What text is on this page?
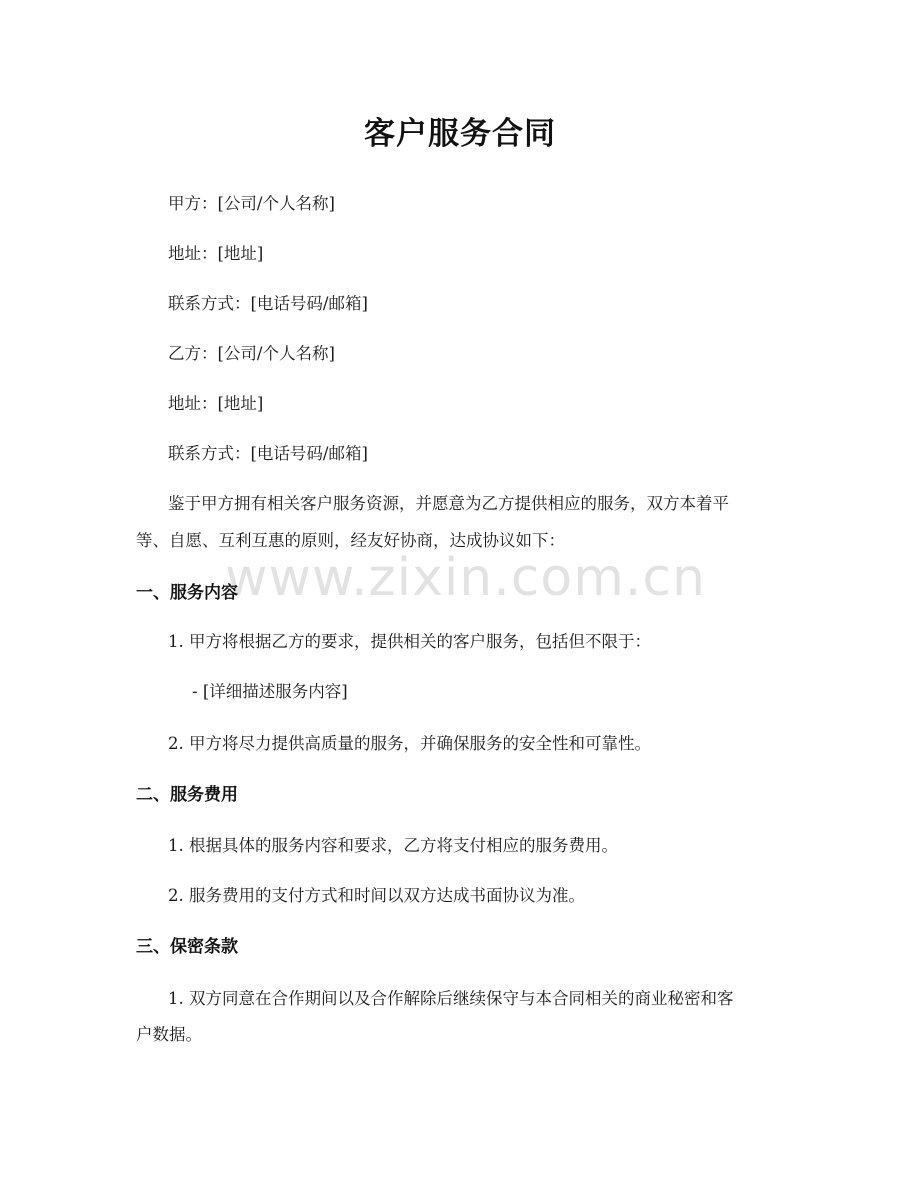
客户服务合同
甲方：[公司/个人名称]
地址：[地址]
联系方式：[电话号码/邮箱]
乙方：[公司/个人名称]
地址：[地址]
联系方式：[电话号码/邮箱]
鉴于甲方拥有相关客户服务资源，并愿意为乙方提供相应的服务，双方本着平
等、自愿、互利互惠的原则，经友好协商，达成协议如下：
www.zixin.com.cn
一、服务内容
1. 甲方将根据乙方的要求，提供相关的客户服务，包括但不限于：
- [详细描述服务内容]
2. 甲方将尽力提供高质量的服务，并确保服务的安全性和可靠性。
二、服务费用
1. 根据具体的服务内容和要求，乙方将支付相应的服务费用。
2. 服务费用的支付方式和时间以双方达成书面协议为准。
三、保密条款
1. 双方同意在合作期间以及合作解除后继续保守与本合同相关的商业秘密和客
户数据。
